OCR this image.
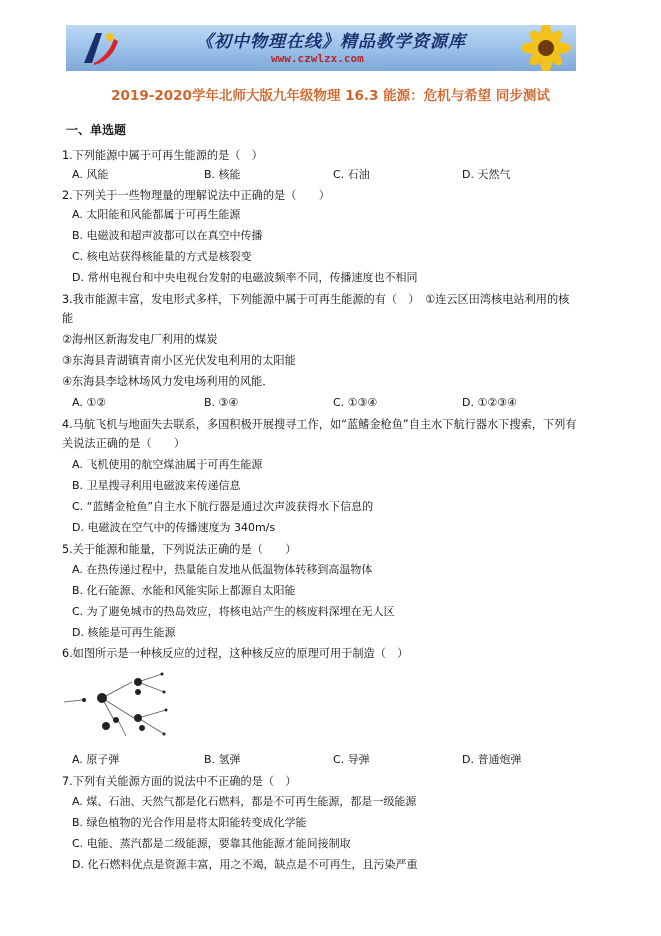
《初中物理在线》精品教学资源库
www.czwlzx.com
2019-2020学年北师大版九年级物理 16.3 能源：危机与希望 同步测试
一、单选题
1.下列能源中属于可再生能源的是（　）
A. 风能	B. 核能	C. 石油	D. 天然气
2.下列关于一些物理量的理解说法中正确的是（　　）
A. 太阳能和风能都属于可再生能源
B. 电磁波和超声波都可以在真空中传播
C. 核电站获得核能量的方式是核裂变
D. 常州电视台和中央电视台发射的电磁波频率不同，传播速度也不相同
3.我市能源丰富，发电形式多样，下列能源中属于可再生能源的有（　）　①连云区田湾核电站利用的核
能
②海州区新海发电厂利用的煤炭
③东海县青湖镇青南小区光伏发电利用的太阳能
④东海县李埝林场风力发电场利用的风能．
A. ①②	B. ③④	C. ①③④	D. ①②③④
4.马航飞机与地面失去联系，多国积极开展搜寻工作，如“蓝鳍金枪鱼”自主水下航行器水下搜索，下列有
关说法正确的是（　　）
A. 飞机使用的航空煤油属于可再生能源
B. 卫星搜寻利用电磁波来传递信息
C. “蓝鳍金枪鱼”自主水下航行器是通过次声波获得水下信息的
D. 电磁波在空气中的传播速度为 340m/s
5.关于能源和能量，下列说法正确的是（　　）
A. 在热传递过程中，热量能自发地从低温物体转移到高温物体
B. 化石能源、水能和风能实际上都源自太阳能
C. 为了避免城市的热岛效应，将核电站产生的核废料深埋在无人区
D. 核能是可再生能源
6.如图所示是一种核反应的过程，这种核反应的原理可用于制造（　）
A. 原子弹	B. 氢弹	C. 导弹	D. 普通炮弹
7.下列有关能源方面的说法中不正确的是（　）
A. 煤、石油、天然气都是化石燃料，都是不可再生能源，都是一级能源
B. 绿色植物的光合作用是将太阳能转变成化学能
C. 电能、蒸汽都是二级能源，要靠其他能源才能间接制取
D. 化石燃料优点是资源丰富，用之不竭，缺点是不可再生，且污染严重
